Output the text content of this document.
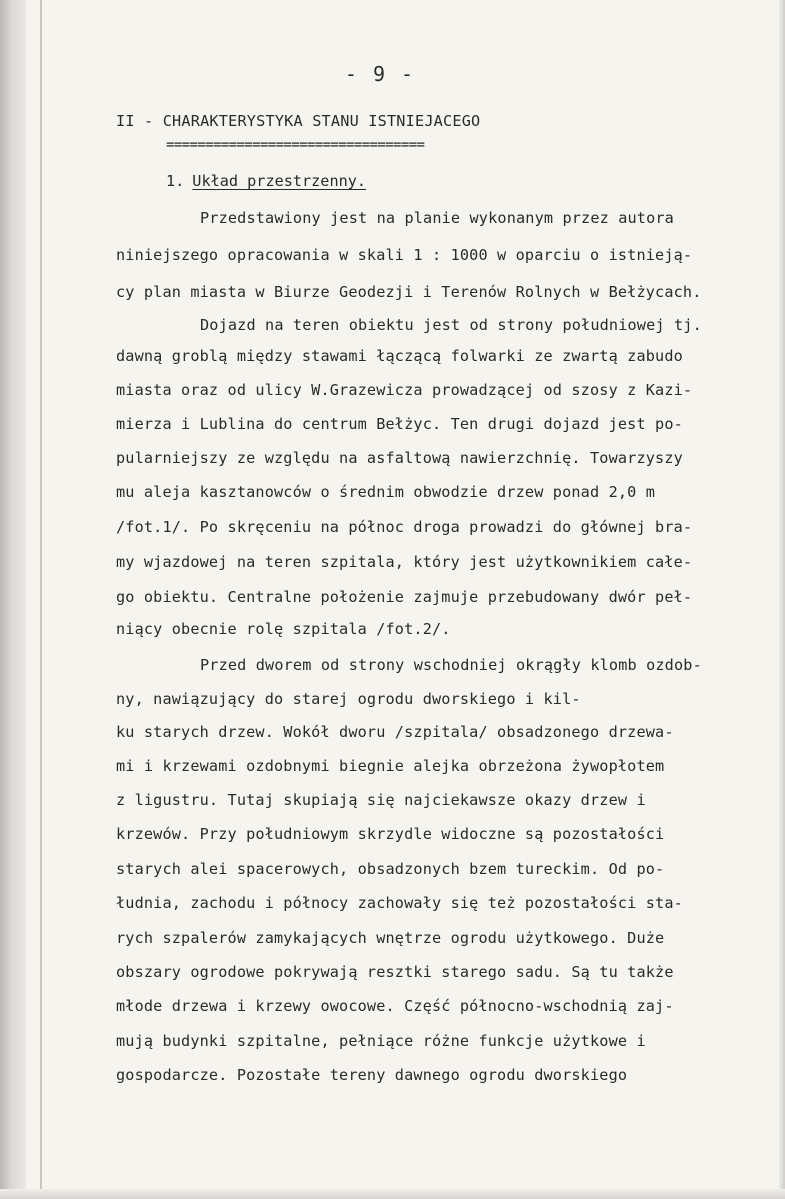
- 9 -
II - CHARAKTERYSTYKA STANU ISTNIEJACEGO
=================================
1. Układ przestrzenny.
Przedstawiony jest na planie wykonanym przez autora
niniejszego opracowania w skali 1 : 1000 w oparciu o istnieją-
cy plan miasta w Biurze Geodezji i Terenów Rolnych w Bełżycach.
Dojazd na teren obiektu jest od strony południowej tj.
dawną groblą między stawami łączącą folwarki ze zwartą zabudo
miasta oraz od ulicy W.Grazewicza prowadzącej od szosy z Kazi-
mierza i Lublina do centrum Bełżyc. Ten drugi dojazd jest po-
pularniejszy ze względu na asfaltową nawierzchnię. Towarzyszy
mu aleja kasztanowców o średnim obwodzie drzew ponad 2,0 m
/fot.1/. Po skręceniu na północ droga prowadzi do głównej bra-
my wjazdowej na teren szpitala, który jest użytkownikiem całe-
go obiektu. Centralne położenie zajmuje przebudowany dwór peł-
niący obecnie rolę szpitala /fot.2/.
Przed dworem od strony wschodniej okrągły klomb ozdob-
ny, nawiązujący do starej ogrodu dworskiego i kil-
ku starych drzew. Wokół dworu /szpitala/ obsadzonego drzewa-
mi i krzewami ozdobnymi biegnie alejka obrzeżona żywopłotem
z ligustru. Tutaj skupiają się najciekawsze okazy drzew i
krzewów. Przy południowym skrzydle widoczne są pozostałości
starych alei spacerowych, obsadzonych bzem tureckim. Od po-
łudnia, zachodu i północy zachowały się też pozostałości sta-
rych szpalerów zamykających wnętrze ogrodu użytkowego. Duże
obszary ogrodowe pokrywają resztki starego sadu. Są tu także
młode drzewa i krzewy owocowe. Część północno-wschodnią zaj-
mują budynki szpitalne, pełniące różne funkcje użytkowe i
gospodarcze. Pozostałe tereny dawnego ogrodu dworskiego
